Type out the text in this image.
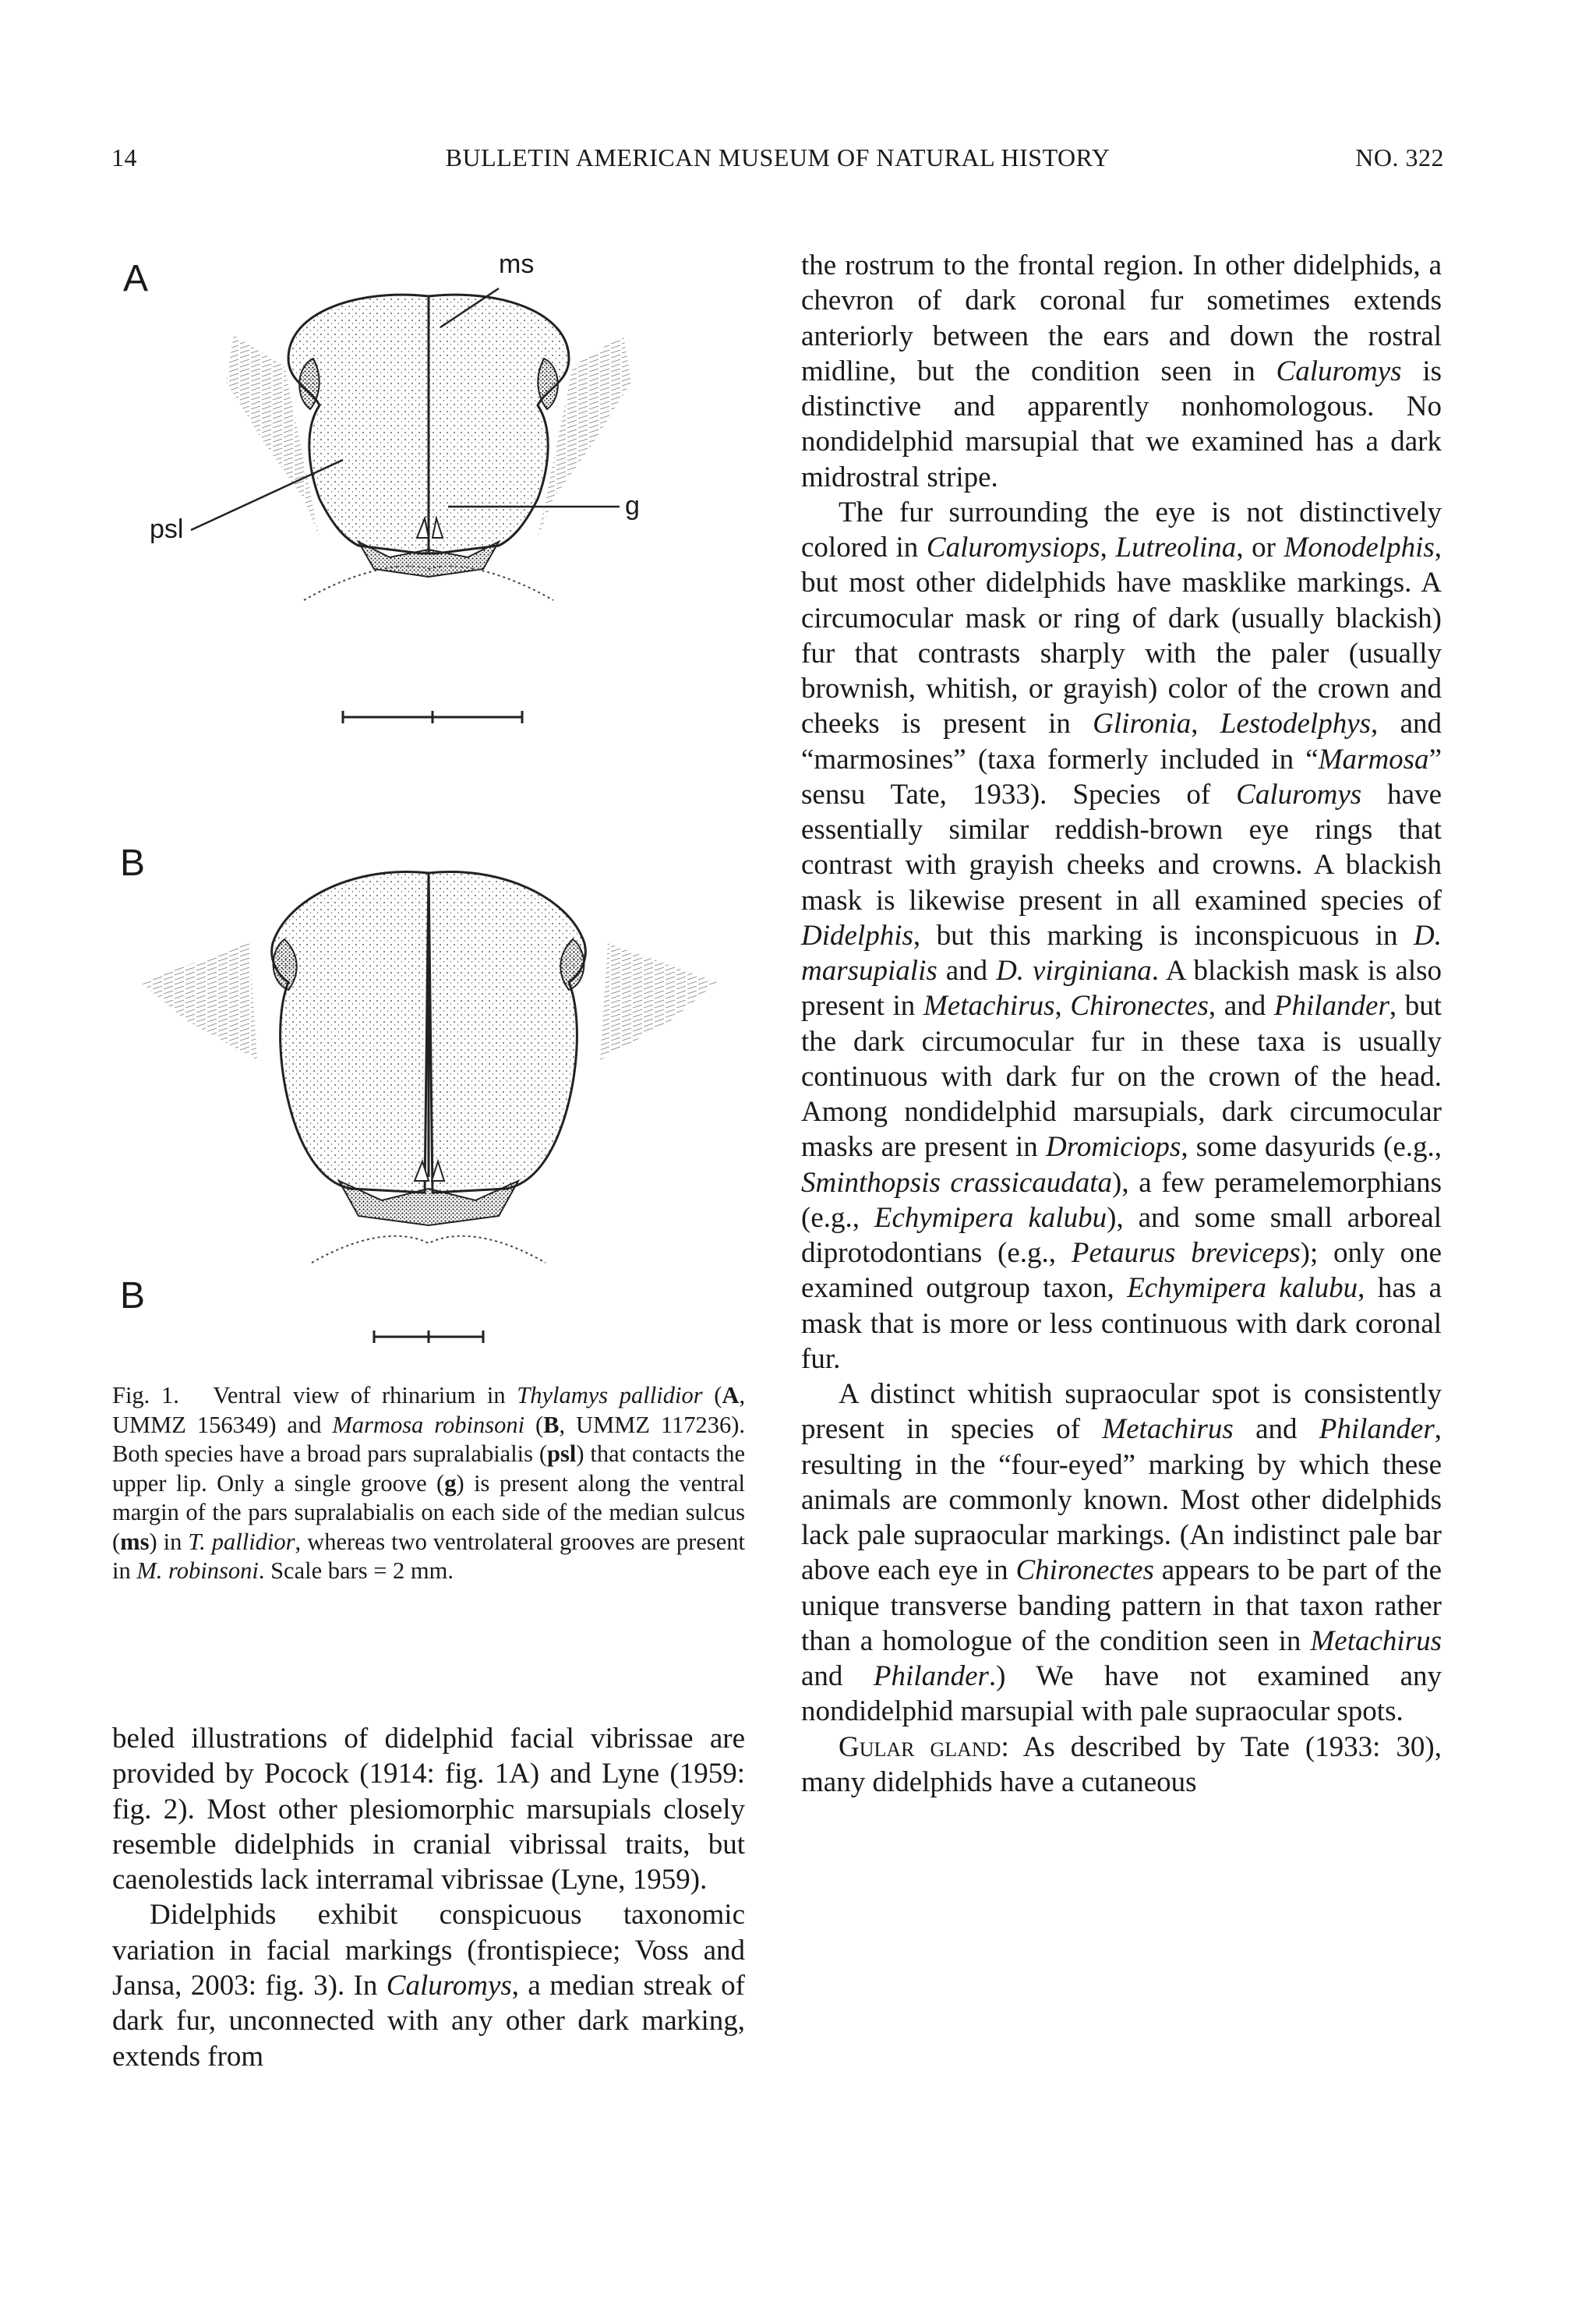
14	BULLETIN AMERICAN MUSEUM OF NATURAL HISTORY	NO. 322
A
B
B
ms
psl
g

Fig. 1. Ventral view of rhinarium in Thylamys pallidior (A, UMMZ 156349) and Marmosa robinsoni (B, UMMZ 117236). Both species have a broad pars supralabialis (psl) that contacts the upper lip. Only a single groove (g) is present along the ventral margin of the pars supralabialis on each side of the median sulcus (ms) in T. pallidior, whereas two ventrolateral grooves are present in M. robinsoni. Scale bars = 2 mm.

beled illustrations of didelphid facial vibrissae are provided by Pocock (1914: fig. 1A) and Lyne (1959: fig. 2). Most other plesiomorphic marsupials closely resemble didelphids in cranial vibrissal traits, but caenolestids lack interramal vibrissae (Lyne, 1959).

Didelphids exhibit conspicuous taxonomic variation in facial markings (frontispiece; Voss and Jansa, 2003: fig. 3). In Caluromys, a median streak of dark fur, unconnected with any other dark marking, extends from

the rostrum to the frontal region. In other didelphids, a chevron of dark coronal fur sometimes extends anteriorly between the ears and down the rostral midline, but the condition seen in Caluromys is distinctive and apparently nonhomologous. No nondidelphid marsupial that we examined has a dark midrostral stripe.

The fur surrounding the eye is not distinctively colored in Caluromysiops, Lutreolina, or Monodelphis, but most other didelphids have masklike markings. A circumocular mask or ring of dark (usually blackish) fur that contrasts sharply with the paler (usually brownish, whitish, or grayish) color of the crown and cheeks is present in Glironia, Lestodelphys, and “marmosines” (taxa formerly included in “Marmosa” sensu Tate, 1933). Species of Caluromys have essentially similar reddish-brown eye rings that contrast with grayish cheeks and crowns. A blackish mask is likewise present in all examined species of Didelphis, but this marking is inconspicuous in D. marsupialis and D. virginiana. A blackish mask is also present in Metachirus, Chironectes, and Philander, but the dark circumocular fur in these taxa is usually continuous with dark fur on the crown of the head. Among nondidelphid marsupials, dark circumocular masks are present in Dromiciops, some dasyurids (e.g., Sminthopsis crassicaudata), a few peramelemorphians (e.g., Echymipera kalubu), and some small arboreal diprotodontians (e.g., Petaurus breviceps); only one examined outgroup taxon, Echymipera kalubu, has a mask that is more or less continuous with dark coronal fur.

A distinct whitish supraocular spot is consistently present in species of Metachirus and Philander, resulting in the “four-eyed” marking by which these animals are commonly known. Most other didelphids lack pale supraocular markings. (An indistinct pale bar above each eye in Chironectes appears to be part of the unique transverse banding pattern in that taxon rather than a homologue of the condition seen in Metachirus and Philander.) We have not examined any nondidelphid marsupial with pale supraocular spots.

Gular gland: As described by Tate (1933: 30), many didelphids have a cutaneous
